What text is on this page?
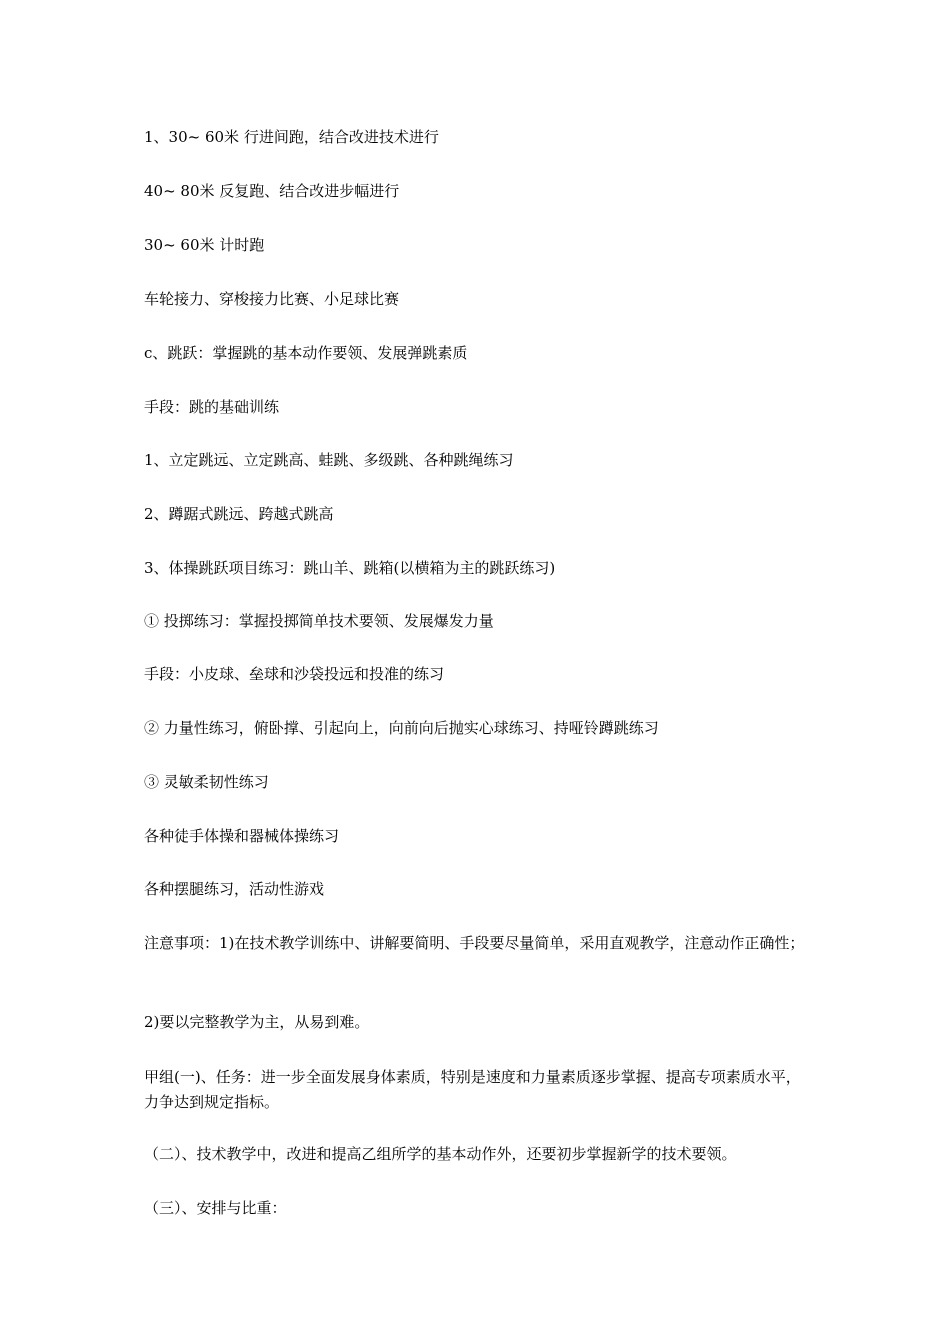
1、30~ 60米 行进间跑，结合改进技术进行
40~ 80米 反复跑、结合改进步幅进行
30~ 60米 计时跑
车轮接力、穿梭接力比赛、小足球比赛
c、跳跃：掌握跳的基本动作要领、发展弹跳素质
手段：跳的基础训练
1、立定跳远、立定跳高、蛙跳、多级跳、各种跳绳练习
2、蹲踞式跳远、跨越式跳高
3、体操跳跃项目练习：跳山羊、跳箱(以横箱为主的跳跃练习)
① 投掷练习：掌握投掷简单技术要领、发展爆发力量
手段：小皮球、垒球和沙袋投远和投准的练习
② 力量性练习，俯卧撑、引起向上，向前向后抛实心球练习、持哑铃蹲跳练习
③ 灵敏柔韧性练习
各种徒手体操和器械体操练习
各种摆腿练习，活动性游戏
注意事项：1)在技术教学训练中、讲解要简明、手段要尽量简单，采用直观教学，注意动作正确性；
2)要以完整教学为主，从易到难。
甲组(一)、任务：进一步全面发展身体素质，特别是速度和力量素质逐步掌握、提高专项素质水平，力争达到规定指标。
（二）、技术教学中，改进和提高乙组所学的基本动作外，还要初步掌握新学的技术要领。
（三）、安排与比重：
